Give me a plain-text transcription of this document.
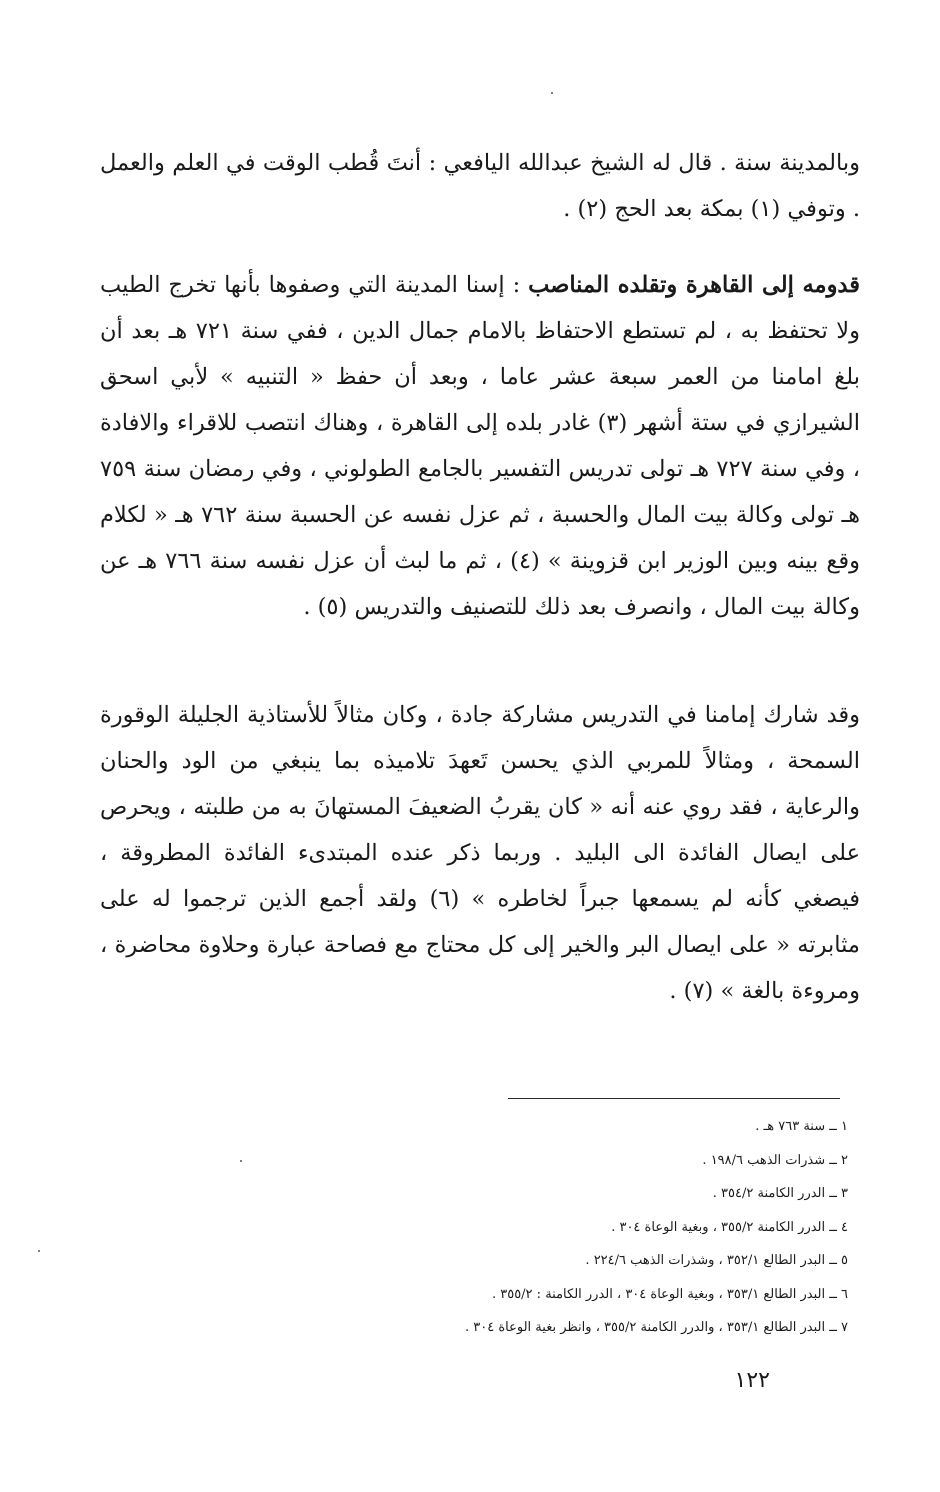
وبالمدينة سنة . قال له الشيخ عبدالله اليافعي : أنتَ قُطب الوقت في العلم والعمل . وتوفي (١) بمكة بعد الحج (٢) .

قدومه إلى القاهرة وتقلده المناصب : إسنا المدينة التي وصفوها بأنها تخرج الطيب ولا تحتفظ به ، لم تستطع الاحتفاظ بالامام جمال الدين ، ففي سنة ٧٢١ هـ بعد أن بلغ امامنا من العمر سبعة عشر عاما ، وبعد أن حفظ « التنبيه » لأبي اسحق الشيرازي في ستة أشهر (٣) غادر بلده إلى القاهرة ، وهناك انتصب للاقراء والافادة ، وفي سنة ٧٢٧ هـ تولى تدريس التفسير بالجامع الطولوني ، وفي رمضان سنة ٧٥٩ هـ تولى وكالة بيت المال والحسبة ، ثم عزل نفسه عن الحسبة سنة ٧٦٢ هـ « لكلام وقع بينه وبين الوزير ابن قزوينة » (٤) ، ثم ما لبث أن عزل نفسه سنة ٧٦٦ هـ عن وكالة بيت المال ، وانصرف بعد ذلك للتصنيف والتدريس (٥) .

وقد شارك إمامنا في التدريس مشاركة جادة ، وكان مثالاً للأستاذية الجليلة الوقورة السمحة ، ومثالاً للمربي الذي يحسن تَعهدَ تلاميذه بما ينبغي من الود والحنان والرعاية ، فقد روي عنه أنه « كان يقربُ الضعيفَ المستهانَ به من طلبته ، ويحرص على ايصال الفائدة الى البليد . وربما ذكر عنده المبتدىء الفائدة المطروقة ، فيصغي كأنه لم يسمعها جبراً لخاطره » (٦) ولقد أجمع الذين ترجموا له على مثابرته « على ايصال البر والخير إلى كل محتاج مع فصاحة عبارة وحلاوة محاضرة ، ومروءة بالغة » (٧) .

١ ــ سنة ٧٦٣ هـ .
٢ ــ شذرات الذهب ١٩٨/٦ .
٣ ــ الدرر الكامنة ٣٥٤/٢ .
٤ ــ الدرر الكامنة ٣٥٥/٢ ، وبغية الوعاة ٣٠٤ .
٥ ــ البدر الطالع ٣٥٢/١ ، وشذرات الذهب ٢٢٤/٦ .
٦ ــ البدر الطالع ٣٥٣/١ ، وبغية الوعاة ٣٠٤ ، الدرر الكامنة : ٣٥٥/٢ .
٧ ــ البدر الطالع ٣٥٣/١ ، والدرر الكامنة ٣٥٥/٢ ، وانظر بغية الوعاة ٣٠٤ .
١٢٢
